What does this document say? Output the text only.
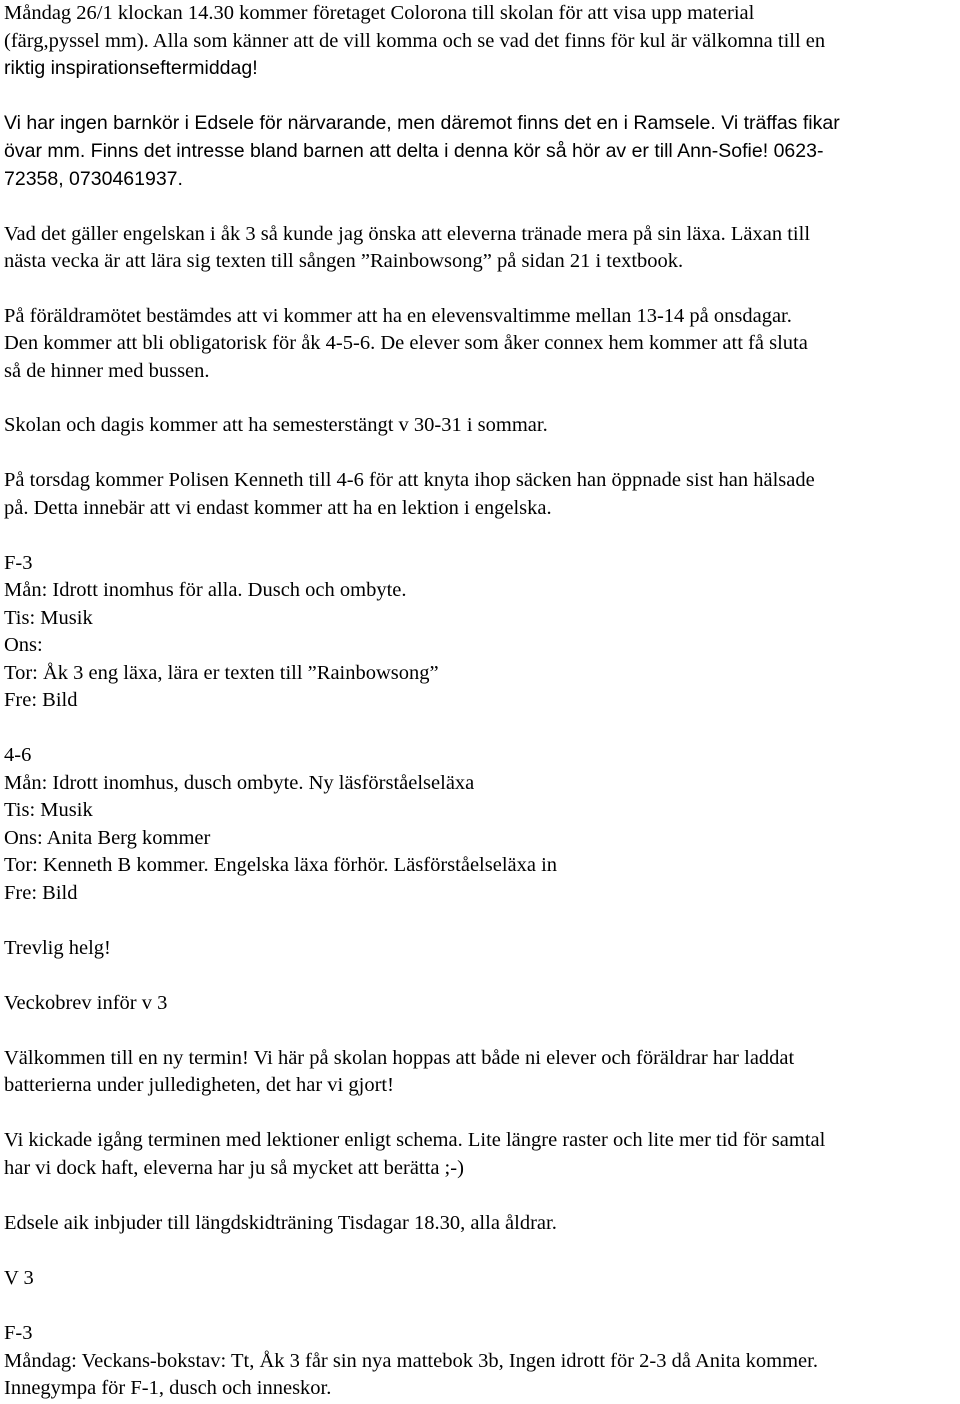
Måndag 26/1 klockan 14.30 kommer företaget Colorona till skolan för att visa upp material
(färg,pyssel mm). Alla som känner att de vill komma och se vad det finns för kul är välkomna till en
riktig inspirationseftermiddag!
Vi har ingen barnkör i Edsele för närvarande, men däremot finns det en i Ramsele. Vi träffas fikar
övar mm. Finns det intresse bland barnen att delta i denna kör så hör av er till Ann-Sofie! 0623-
72358, 0730461937.
Vad det gäller engelskan i åk 3 så kunde jag önska att eleverna tränade mera på sin läxa. Läxan till
nästa vecka är att lära sig texten till sången ”Rainbowsong” på sidan 21 i textbook.
På föräldramötet bestämdes att vi kommer att ha en elevensvaltimme mellan 13-14 på onsdagar.
Den kommer att bli obligatorisk för åk 4-5-6. De elever som åker connex hem kommer att få sluta
så de hinner med bussen.
Skolan och dagis kommer att ha semesterstängt v 30-31 i sommar.
På torsdag kommer Polisen Kenneth till 4-6 för att knyta ihop säcken han öppnade sist han hälsade
på. Detta innebär att vi endast kommer att ha en lektion i engelska.
F-3
Mån: Idrott inomhus för alla. Dusch och ombyte.
Tis: Musik
Ons:
Tor: Åk 3 eng läxa, lära er texten till ”Rainbowsong”
Fre: Bild
4-6
Mån: Idrott inomhus, dusch ombyte. Ny läsförståelseläxa
Tis: Musik
Ons: Anita Berg kommer
Tor: Kenneth B kommer. Engelska läxa förhör. Läsförståelseläxa in
Fre: Bild
Trevlig helg!
Veckobrev inför v 3
Välkommen till en ny termin! Vi här på skolan hoppas att både ni elever och föräldrar har laddat
batterierna under julledigheten, det har vi gjort!
Vi kickade igång terminen med lektioner enligt schema. Lite längre raster och lite mer tid för samtal
har vi dock haft, eleverna har ju så mycket att berätta ;-)
Edsele aik inbjuder till längdskidträning Tisdagar 18.30, alla åldrar.
V 3
F-3
Måndag: Veckans-bokstav: Tt, Åk 3 får sin nya mattebok 3b, Ingen idrott för 2-3 då Anita kommer.
Innegympa för F-1, dusch och inneskor.
